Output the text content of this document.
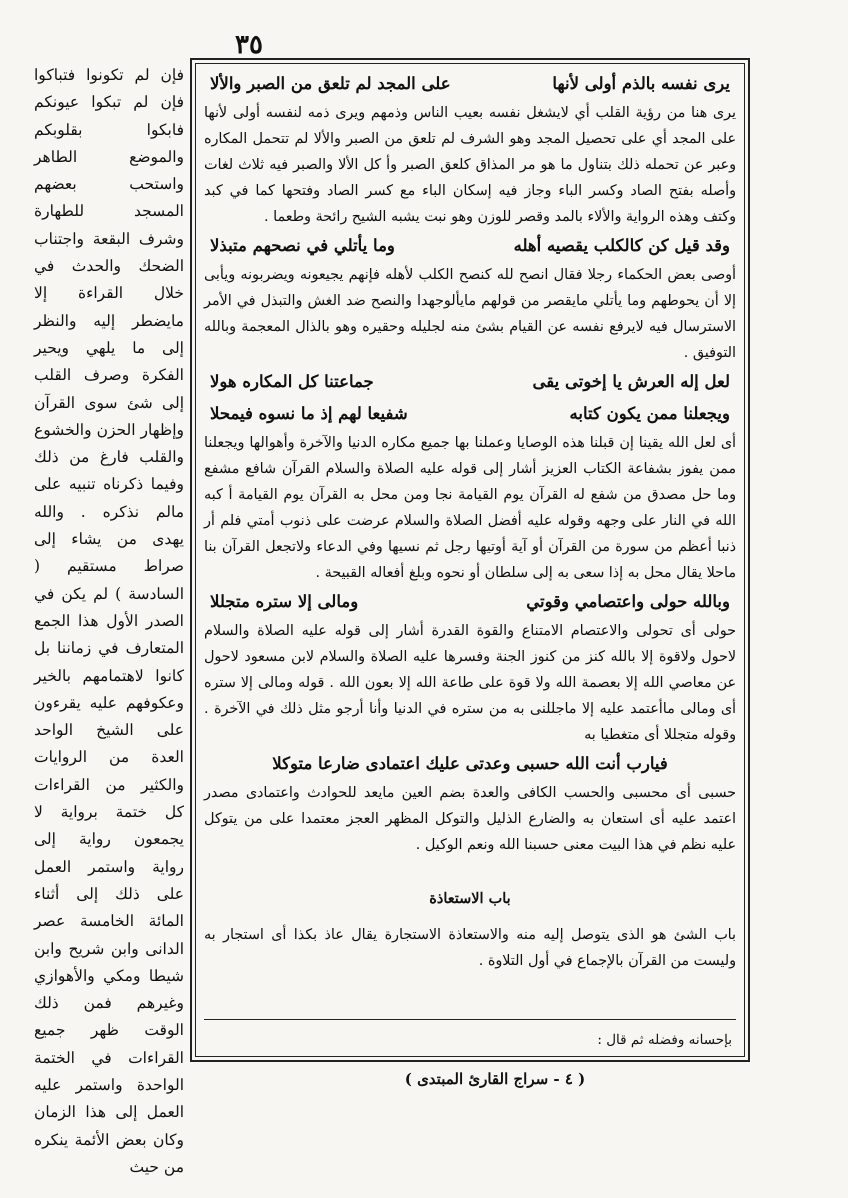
٣٥

فإن لم تكونوا فتباكوا فإن لم تبكوا عيونكم فابكوا بقلوبكم والموضع الطاهر واستحب بعضهم المسجد للطهارة وشرف البقعة واجتناب الضحك والحدث في خلال القراءة إلا مايضطر إليه والنظر إلى ما يلهي ويحير الفكرة وصرف القلب إلى شئ سوى القرآن وإظهار الحزن والخشوع والقلب فارغ من ذلك وفيما ذكرناه تنبيه على مالم نذكره . والله يهدى من يشاء إلى صراط مستقيم ( السادسة ) لم يكن في الصدر الأول هذا الجمع المتعارف في زماننا بل كانوا لاهتمامهم بالخير وعكوفهم عليه يقرءون على الشيخ الواحد العدة من الروايات والكثير من القراءات كل ختمة برواية لا يجمعون رواية إلى رواية واستمر العمل على ذلك إلى أثناء المائة الخامسة عصر الدانى وابن شريح وابن شيطا ومكي والأهوازي وغيرهم فمن ذلك الوقت ظهر جميع القراءات في الختمة الواحدة واستمر عليه العمل إلى هذا الزمان وكان بعض الأئمة ينكره من حيث

يرى نفسه بالذم أولى لأنها
على المجد لم تلعق من الصبر والألا

يرى هنا من رؤية القلب أي لايشغل نفسه بعيب الناس وذمهم ويرى ذمه لنفسه أولى لأنها على المجد أي على تحصيل المجد وهو الشرف لم تلعق من الصبر والألا لم تتحمل المكاره وعبر عن تحمله ذلك بتناول ما هو مر المذاق كلعق الصبر وأ كل الألا والصبر فيه ثلاث لغات وأصله بفتح الصاد وكسر الباء وجاز فيه إسكان الباء مع كسر الصاد وفتحها كما في كبد وكتف وهذه الرواية والألاء بالمد وقصر للوزن وهو نبت يشبه الشيح رائحة وطعما .

وقد قيل كن كالكلب يقصيه أهله
وما يأتلي في نصحهم متبذلا

أوصى بعض الحكماء رجلا فقال انصح لله كنصح الكلب لأهله فإنهم يجيعونه ويضربونه ويأبى إلا أن يحوطهم وما يأتلي مايقصر من قولهم مايألوجهدا والنصح ضد الغش والتبذل في الأمر الاسترسال فيه لايرفع نفسه عن القيام بشئ منه لجليله وحقيره وهو بالذال المعجمة وبالله التوفيق .

لعل إله العرش يا إخوتى يقى
جماعتنا كل المكاره هولا
ويجعلنا ممن يكون كتابه
شفيعا لهم إذ ما نسوه فيمحلا

أى لعل الله يقينا إن قبلنا هذه الوصايا وعملنا بها جميع مكاره الدنيا والآخرة وأهوالها ويجعلنا ممن يفوز بشفاعة الكتاب العزيز أشار إلى قوله عليه الصلاة والسلام القرآن شافع مشفع وما حل مصدق من شفع له القرآن يوم القيامة نجا ومن محل به القرآن يوم القيامة أ كبه الله في النار على وجهه وقوله عليه أفضل الصلاة والسلام عرضت على ذنوب أمتي فلم أر ذنبا أعظم من سورة من القرآن أو آية أوتيها رجل ثم نسيها وفي الدعاء ولاتجعل القرآن بنا ماحلا يقال محل به إذا سعى به إلى سلطان أو نحوه وبلغ أفعاله القبيحة .

وبالله حولى واعتصامي وقوتي
ومالى إلا ستره متجللا

حولى أى تحولى والاعتصام الامتناع والقوة القدرة أشار إلى قوله عليه الصلاة والسلام لاحول ولاقوة إلا بالله كنز من كنوز الجنة وفسرها عليه الصلاة والسلام لابن مسعود لاحول عن معاصي الله إلا بعصمة الله ولا قوة على طاعة الله إلا بعون الله . قوله ومالى إلا ستره أى ومالى ماأعتمد عليه إلا ماجللنى به من ستره في الدنيا وأنا أرجو مثل ذلك في الآخرة . وقوله متجللا أى متغطيا به

فيارب أنت الله حسبى وعدتى عليك اعتمادى ضارعا متوكلا

حسبى أى محسبى والحسب الكافى والعدة بضم العين مايعد للحوادث واعتمادى مصدر اعتمد عليه أى استعان به والضارع الذليل والتوكل المظهر العجز معتمدا على من يتوكل عليه نظم في هذا البيت معنى حسبنا الله ونعم الوكيل .

باب الاستعاذة

باب الشئ هو الذى يتوصل إليه منه والاستعاذة الاستجارة يقال عاذ بكذا أى استجار به وليست من القرآن بالإجماع في أول التلاوة .

بإحسانه وفضله ثم قال :
( ٤ - سراج القارئ المبتدى )
